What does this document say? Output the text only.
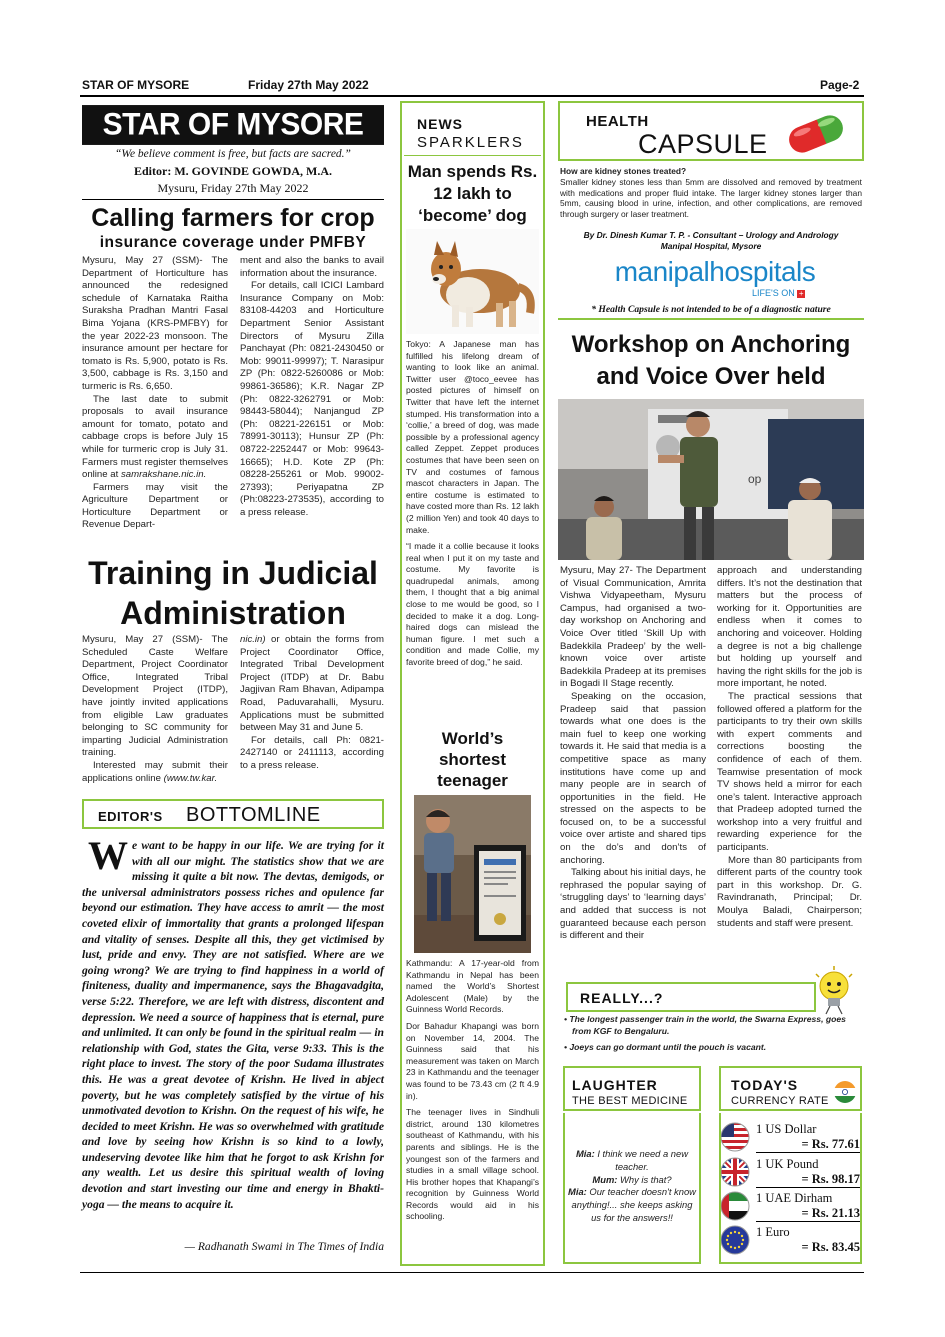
STAR OF MYSORE	Friday 27th May 2022	Page-2
STAR OF MYSORE
“We believe comment is free, but facts are sacred.”
Editor: M. GOVINDE GOWDA, M.A.
Mysuru, Friday 27th May 2022
Calling farmers for crop
insurance coverage under PMFBY

Mysuru, May 27 (SSM)- The Department of Horticulture has announced the redesigned schedule of Karnataka Raitha Suraksha Pradhan Mantri Fasal Bima Yojana (KRS-PMFBY) for the year 2022-23 monsoon. The insurance amount per hectare for tomato is Rs. 5,900, potato is Rs. 3,500, cabbage is Rs. 3,150 and turmeric is Rs. 6,650.

The last date to submit proposals to avail insurance amount for tomato, potato and cabbage crops is before July 15 while for turmeric crop is July 31. Farmers must register themselves online at samrakshane.nic.in.

Farmers may visit the Agriculture Department or Horticulture Department or Revenue Depart-

ment and also the banks to avail information about the insurance.

For details, call ICICI Lambard Insurance Company on Mob: 83108-44203 and Horticulture Department Senior Assistant Directors of Mysuru Zilla Panchayat (Ph: 0821-2430450 or Mob: 99011-99997); T. Narasipur ZP (Ph: 0822-5260086 or Mob: 99861-36586); K.R. Nagar ZP (Ph: 0822-3262791 or Mob: 98443-58044); Nanjangud ZP (Ph: 08221-226151 or Mob: 78991-30113); Hunsur ZP (Ph: 08722-2252447 or Mob: 99643-16665); H.D. Kote ZP (Ph: 08228-255261 or Mob. 99002-27393); Periyapatna ZP (Ph:08223-273535), according to a press release.

Training in Judicial
Administration

Mysuru, May 27 (SSM)- The Scheduled Caste Welfare Department, Project Coordinator Office, Integrated Tribal Development Project (ITDP), have jointly invited applications from eligible Law graduates belonging to SC community for imparting Judicial Administration training.

Interested may submit their applications online (www.tw.kar.

nic.in) or obtain the forms from Project Coordinator Office, Integrated Tribal Development Project (ITDP) at Dr. Babu Jagjivan Ram Bhavan, Adipampa Road, Paduvarahalli, Mysuru. Applications must be submitted between May 31 and June 5.

For details, call Ph: 0821-2427140 or 2411113, according to a press release.

EDITOR'S BOTTOMLINE
We want to be happy in our life. We are trying for it with all our might. The statistics show that we are missing it quite a bit now. The devtas, demigods, or the universal administrators possess riches and opulence far beyond our estimation. They have access to amrit — the most coveted elixir of immortality that grants a prolonged lifespan and vitality of senses. Despite all this, they get victimised by lust, pride and envy. They are not satisfied. Where are we going wrong? We are trying to find happiness in a world of finiteness, duality and impermanence, says the Bhagavadgita, verse 5:22. Therefore, we are left with distress, discontent and depression. We need a source of happiness that is eternal, pure and unlimited. It can only be found in the spiritual realm — in relationship with God, states the Gita, verse 9:33. This is the right place to invest. The story of the poor Sudama illustrates this. He was a great devotee of Krishn. He lived in abject poverty, but he was completely satisfied by the virtue of his unmotivated devotion to Krishn. On the request of his wife, he decided to meet Krishn. He was so overwhelmed with gratitude and love by seeing how Krishn is so kind to a lowly, undeserving devotee like him that he forgot to ask Krishn for any wealth. Let us desire this spiritual wealth of loving devotion and start investing our time and energy in Bhakti-yoga — the means to acquire it.
— Radhanath Swami in The Times of India
NEWS
SPARKLERS
Man spends Rs. 12 lakh to ‘become’ dog

Tokyo: A Japanese man has fulfilled his lifelong dream of wanting to look like an animal. Twitter user @toco_eevee has posted pictures of himself on Twitter that have left the internet stumped. His transformation into a ‘collie,’ a breed of dog, was made possible by a professional agency called Zeppet. Zeppet produces costumes that have been seen on TV and costumes of famous mascot characters in Japan. The entire costume is estimated to have costed more than Rs. 12 lakh (2 million Yen) and took 40 days to make.

“I made it a collie because it looks real when I put it on my taste and costume. My favorite is quadrupedal animals, among them, I thought that a big animal close to me would be good, so I decided to make it a dog. Long-haired dogs can mislead the human figure. I met such a condition and made Collie, my favorite breed of dog,” he said.

World’s shortest teenager

Kathmandu: A 17-year-old from Kathmandu in Nepal has been named the World’s Shortest Adolescent (Male) by the Guinness World Records.

Dor Bahadur Khapangi was born on November 14, 2004. The Guinness said that his measurement was taken on March 23 in Kathmandu and the teenager was found to be 73.43 cm (2 ft 4.9 in).

The teenager lives in Sindhuli district, around 130 kilometres southeast of Kathmandu, with his parents and siblings. He is the youngest son of the farmers and studies in a small village school. His brother hopes that Khapangi’s recognition by Guinness World Records would aid in his schooling.

HEALTH
CAPSULE
How are kidney stones treated?
Smaller kidney stones less than 5mm are dissolved and removed by treatment with medications and proper fluid intake. The larger kidney stones larger than 5mm, causing blood in urine, infection, and other complications, are removed through surgery or laser treatment.
By Dr. Dinesh Kumar T. P. - Consultant – Urology and Andrology
Manipal Hospital, Mysore
manipalhospitals
LIFE'S ON +
* Health Capsule is not intended to be of a diagnostic nature
Workshop on Anchoring
and Voice Over held
op

Mysuru, May 27- The Department of Visual Communication, Amrita Vishwa Vidyapeetham, Mysuru Campus, had organised a two-day workshop on Anchoring and Voice Over titled ‘Skill Up with Badekkila Pradeep’ by the well-known voice over artiste Badekkila Pradeep at its premises in Bogadi II Stage recently.

Speaking on the occasion, Pradeep said that passion towards what one does is the main fuel to keep one working towards it. He said that media is a competitive space as many institutions have come up and many people are in search of opportunities in the field. He stressed on the aspects to be focused on, to be a successful voice over artiste and shared tips on the do’s and don’ts of anchoring.

Talking about his initial days, he rephrased the popular saying of ‘struggling days’ to ‘learning days’ and added that success is not guaranteed because each person is different and their

approach and understanding differs. It’s not the destination that matters but the process of working for it. Opportunities are endless when it comes to anchoring and voiceover. Holding a degree is not a big challenge but holding up yourself and having the right skills for the job is more important, he noted.

The practical sessions that followed offered a platform for the participants to try their own skills with expert comments and corrections boosting the confidence of each of them. Teamwise presentation of mock TV shows held a mirror for each one’s talent. Interactive approach that Pradeep adopted turned the workshop into a very fruitful and rewarding experience for the participants.

More than 80 participants from different parts of the country took part in this workshop. Dr. G. Ravindranath, Principal; Dr. Moulya Baladi, Chairperson; students and staff were present.

REALLY...?
• The longest passenger train in the world, the Swarna Express, goes from KGF to Bengaluru.
• Joeys can go dormant until the pouch is vacant.
LAUGHTER
THE BEST MEDICINE
Mia: I think we need a new teacher.
Mum: Why is that?
Mia: Our teacher doesn't know anything!... she keeps asking us for the answers!!
TODAY'S
CURRENCY RATE
1 US Dollar
= Rs. 77.61
1 UK Pound
= Rs. 98.17
1 UAE Dirham
= Rs. 21.13
1 Euro
= Rs. 83.45
